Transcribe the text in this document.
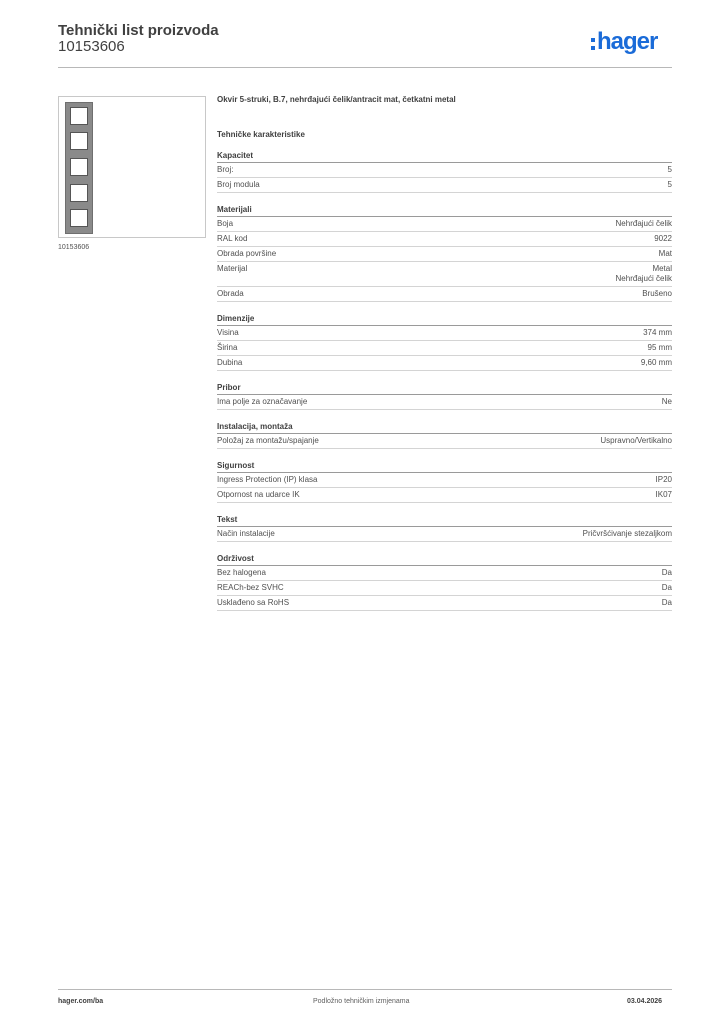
Tehnički list proizvoda
10153606	hager
10153606
Okvir 5-struki, B.7, nehrđajući čelik/antracit mat, četkatni metal
Tehničke karakteristike
Kapacitet
Broj:	5
Broj modula	5
Materijali
Boja	Nehrđajući čelik
RAL kod	9022
Obrada površine	Mat
Materijal	Metal
Nehrđajući čelik
Obrada	Brušeno
Dimenzije
Visina	374 mm
Širina	95 mm
Dubina	9,60 mm
Pribor
Ima polje za označavanje	Ne
Instalacija, montaža
Položaj za montažu/spajanje	Uspravno/Vertikalno
Sigurnost
Ingress Protection (IP) klasa	IP20
Otpornost na udarce IK	IK07
Tekst
Način instalacije	Pričvršćivanje stezaljkom
Održivost
Bez halogena	Da
REACh-bez SVHC	Da
Usklađeno sa RoHS	Da
hager.com/ba	Podložno tehničkim izmjenama	03.04.2026
